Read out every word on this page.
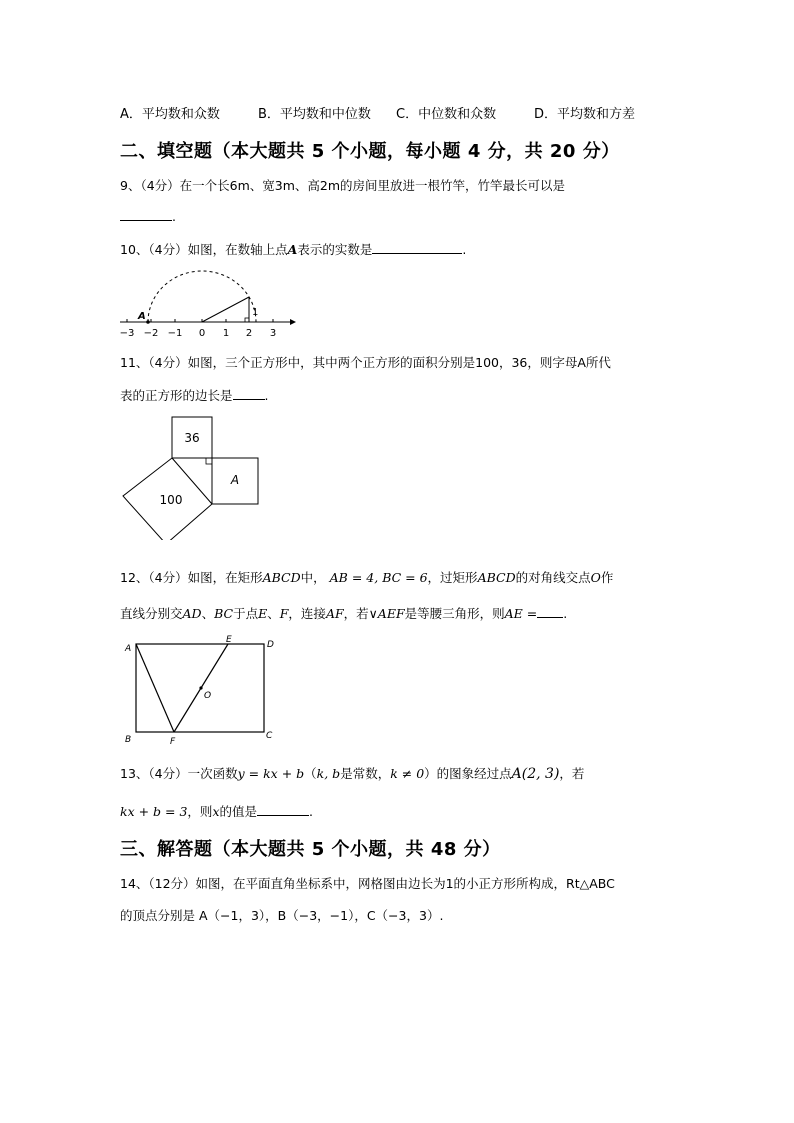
A．平均数和众数	B．平均数和中位数 C．中位数和众数	D．平均数和方差
二、填空题（本大题共 5 个小题，每小题 4 分，共 20 分）
9、（4分）在一个长6m、宽3m、高2m的房间里放进一根竹竿，竹竿最长可以是
.
10、（4分）如图，在数轴上点A表示的实数是	.
−3 −2 −1 0 1 2 3
1
A
11、（4分）如图，三个正方形中，其中两个正方形的面积分别是100，36，则字母A所代
表的正方形的边长是	.
36
A
100
12、（4分）如图，在矩形ABCD中， AB = 4, BC = 6，过矩形ABCD的对角线交点O作
直线分别交AD、BC于点E、F，连接AF，若∨AEF是等腰三角形，则AE = .
A
B	C
D
E
F
O
13、（4分）一次函数y = kx + b（k, b是常数，k ≠ 0）的图象经过点A(2, 3)，若
kx + b = 3，则x的值是	.
三、解答题（本大题共 5 个小题，共 48 分）
14、（12分）如图，在平面直角坐标系中，网格图由边长为1的小正方形所构成，Rt△ABC
的顶点分别是 A（−1，3），B（−3，−1），C（−3，3）.
